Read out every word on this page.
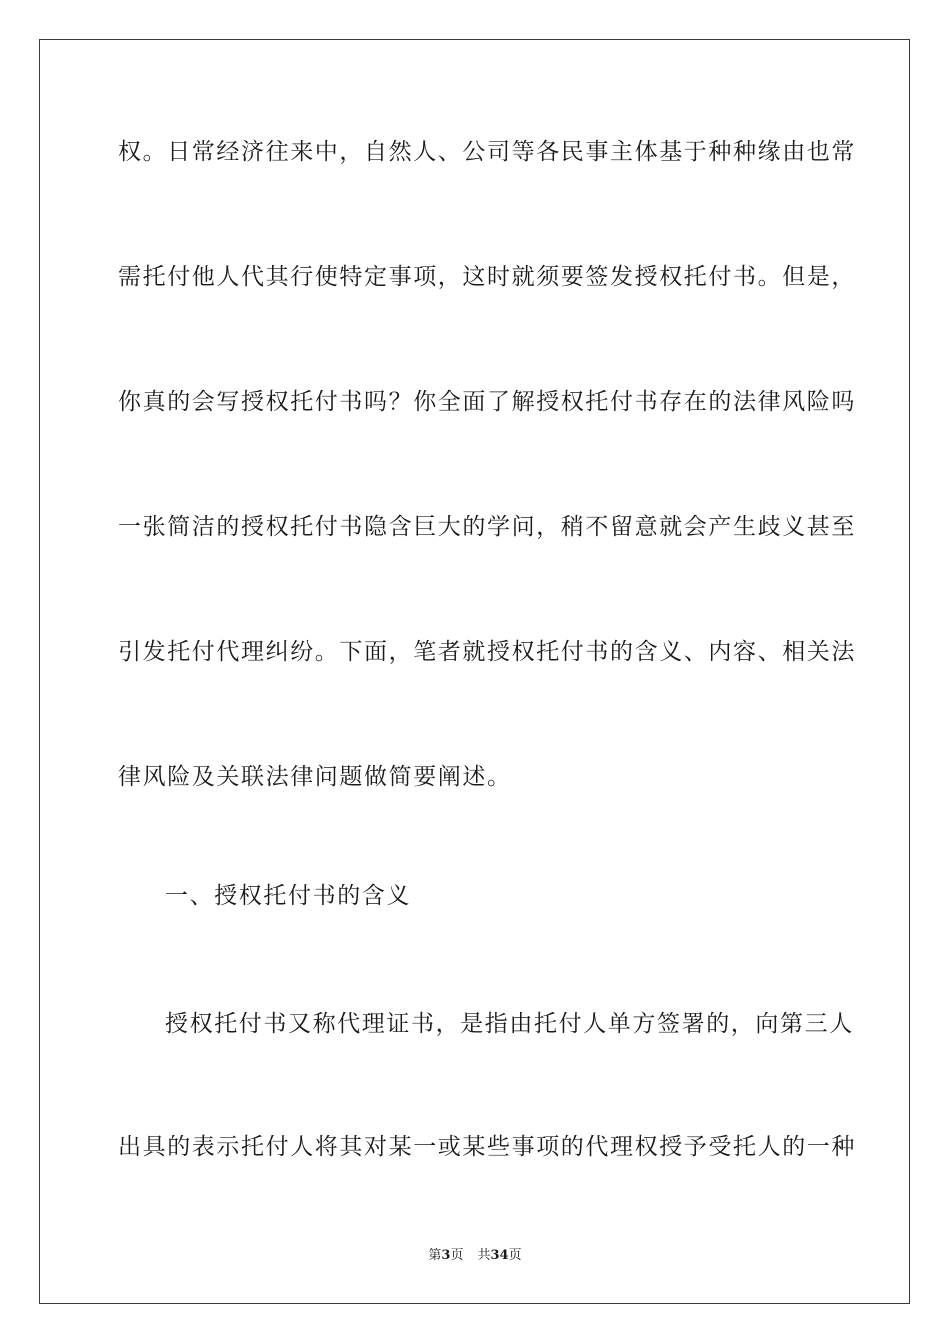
权。日常经济往来中，自然人、公司等各民事主体基于种种缘由也常
需托付他人代其行使特定事项，这时就须要签发授权托付书。但是，
你真的会写授权托付书吗？你全面了解授权托付书存在的法律风险吗
一张简洁的授权托付书隐含巨大的学问，稍不留意就会产生歧义甚至
引发托付代理纠纷。下面，笔者就授权托付书的含义、内容、相关法
律风险及关联法律问题做简要阐述。
一、授权托付书的含义
授权托付书又称代理证书，是指由托付人单方签署的，向第三人
出具的表示托付人将其对某一或某些事项的代理权授予受托人的一种
第3页 共34页
